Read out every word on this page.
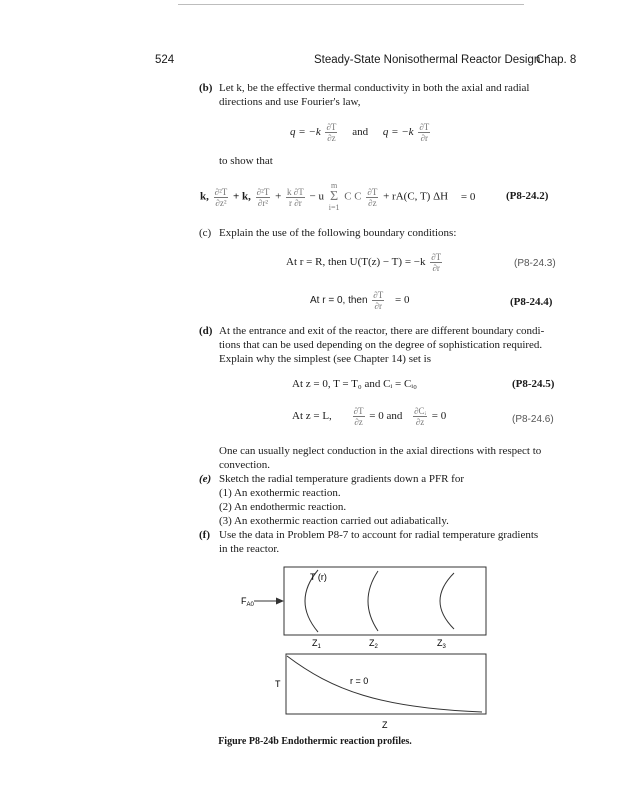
524	Steady-State Nonisothermal Reactor Design
Chap. 8
(b) Let k, be the effective thermal conductivity in both the axial and radial
directions and use Fourier's law,
$q = -k \frac{\partial T}{\partial z}$ and $q = -k \frac{\partial T}{\partial r}$
to show that
k, $\frac{\text{∂²T}}{\text{∂z²}} + k$, $\frac{\text{∂²T}}{\text{∂r²}} + \frac{k \partial T}{r \partial r} - u$ m
Σ
i=1 C C $\frac{\partial T}{\partial z} + rA(C$, T) ΔH = 0	(P8-24.2)
(c) Explain the use of the following boundary conditions:
At r = R, then $U(T(z) - T) = -k \frac{\partial T}{\partial r}$	(P8-24.3)
At r = 0, then $\frac{\partial T}{\partial r} = 0$	(P8-24.4)
(d) At the entrance and exit of the reactor, there are different boundary condi-
tions that can be used depending on the degree of sophistication required.
Explain why the simplest (see Chapter 14) set is
At z = 0, T = T₀ and Cᵢ = Cᵢ₀	(P8-24.5)
At z = L, $\frac{\partial T}{\partial z} = 0$ and $\frac{\text{∂Cᵢ}}{\partial z} = 0$	(P8-24.6)
One can usually neglect conduction in the axial directions with respect to
convection.
(e) Sketch the radial temperature gradients down a PFR for
(1) An exothermic reaction.
(2) An endothermic reaction.
(3) An exothermic reaction carried out adiabatically.
(f) Use the data in Problem P8-7 to account for radial temperature gradients
in the reactor.
$F_{A0}$
T (r)
$Z_1$	$Z_2$	$Z_3$
T	r = 0
Z
Figure P8-24b Endothermic reaction profiles.
